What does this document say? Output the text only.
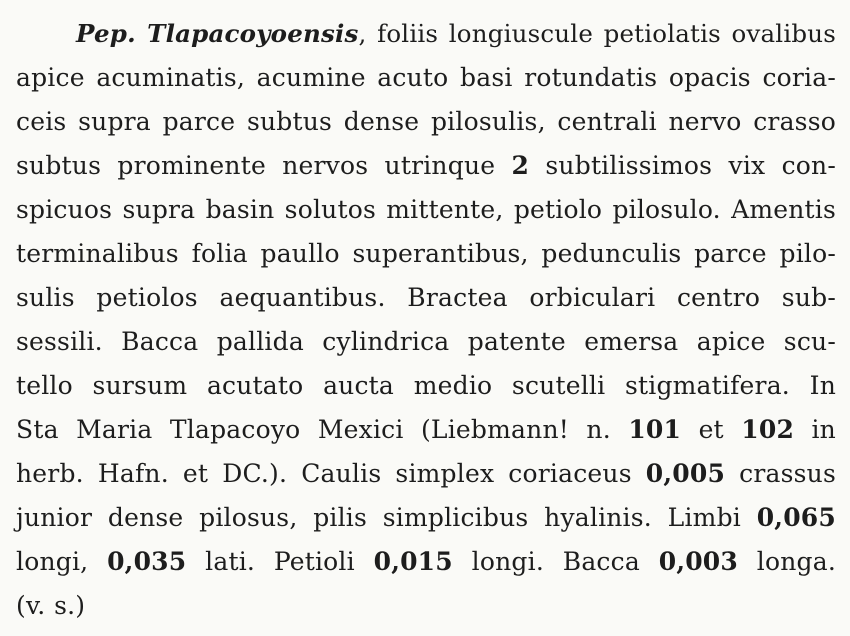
Pep. Tlapacoyoensis, foliis longiuscule petiolatis ovalibus
apice acuminatis, acumine acuto basi rotundatis opacis coria-
ceis supra parce subtus dense pilosulis, centrali nervo crasso
subtus prominente nervos utrinque 2 subtilissimos vix con-
spicuos supra basin solutos mittente, petiolo pilosulo. Amentis
terminalibus folia paullo superantibus, pedunculis parce pilo-
sulis petiolos aequantibus. Bractea orbiculari centro sub-
sessili. Bacca pallida cylindrica patente emersa apice scu-
tello sursum acutato aucta medio scutelli stigmatifera. In
Sta Maria Tlapacoyo Mexici (Liebmann! n. 101 et 102 in
herb. Hafn. et DC.). Caulis simplex coriaceus 0,005 crassus
junior dense pilosus, pilis simplicibus hyalinis. Limbi 0,065
longi, 0,035 lati. Petioli 0,015 longi. Bacca 0,003 longa.
(v. s.)
